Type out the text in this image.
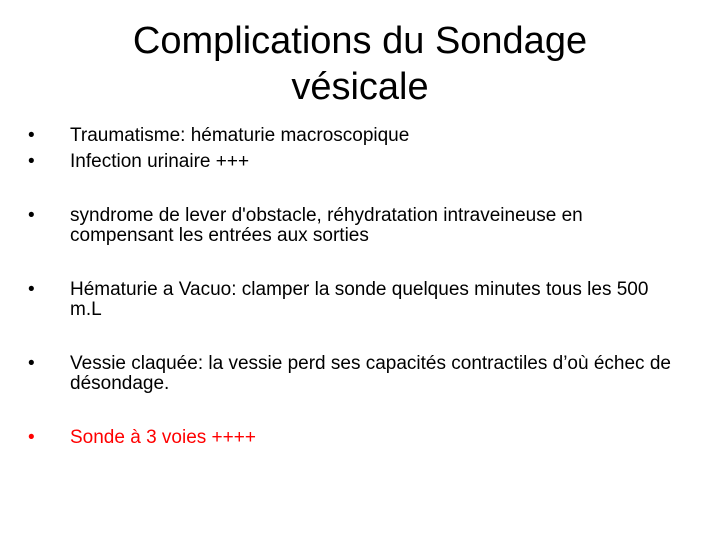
Complications du Sondage
vésicale
•	Traumatisme: hématurie macroscopique
•	Infection urinaire +++
•	syndrome de lever d'obstacle, réhydratation intraveineuse en compensant les entrées aux sorties
•	Hématurie a Vacuo: clamper la sonde quelques minutes tous les 500 m.L
•	Vessie claquée: la vessie perd ses capacités contractiles d’où échec de désondage.
•	Sonde à 3 voies ++++
